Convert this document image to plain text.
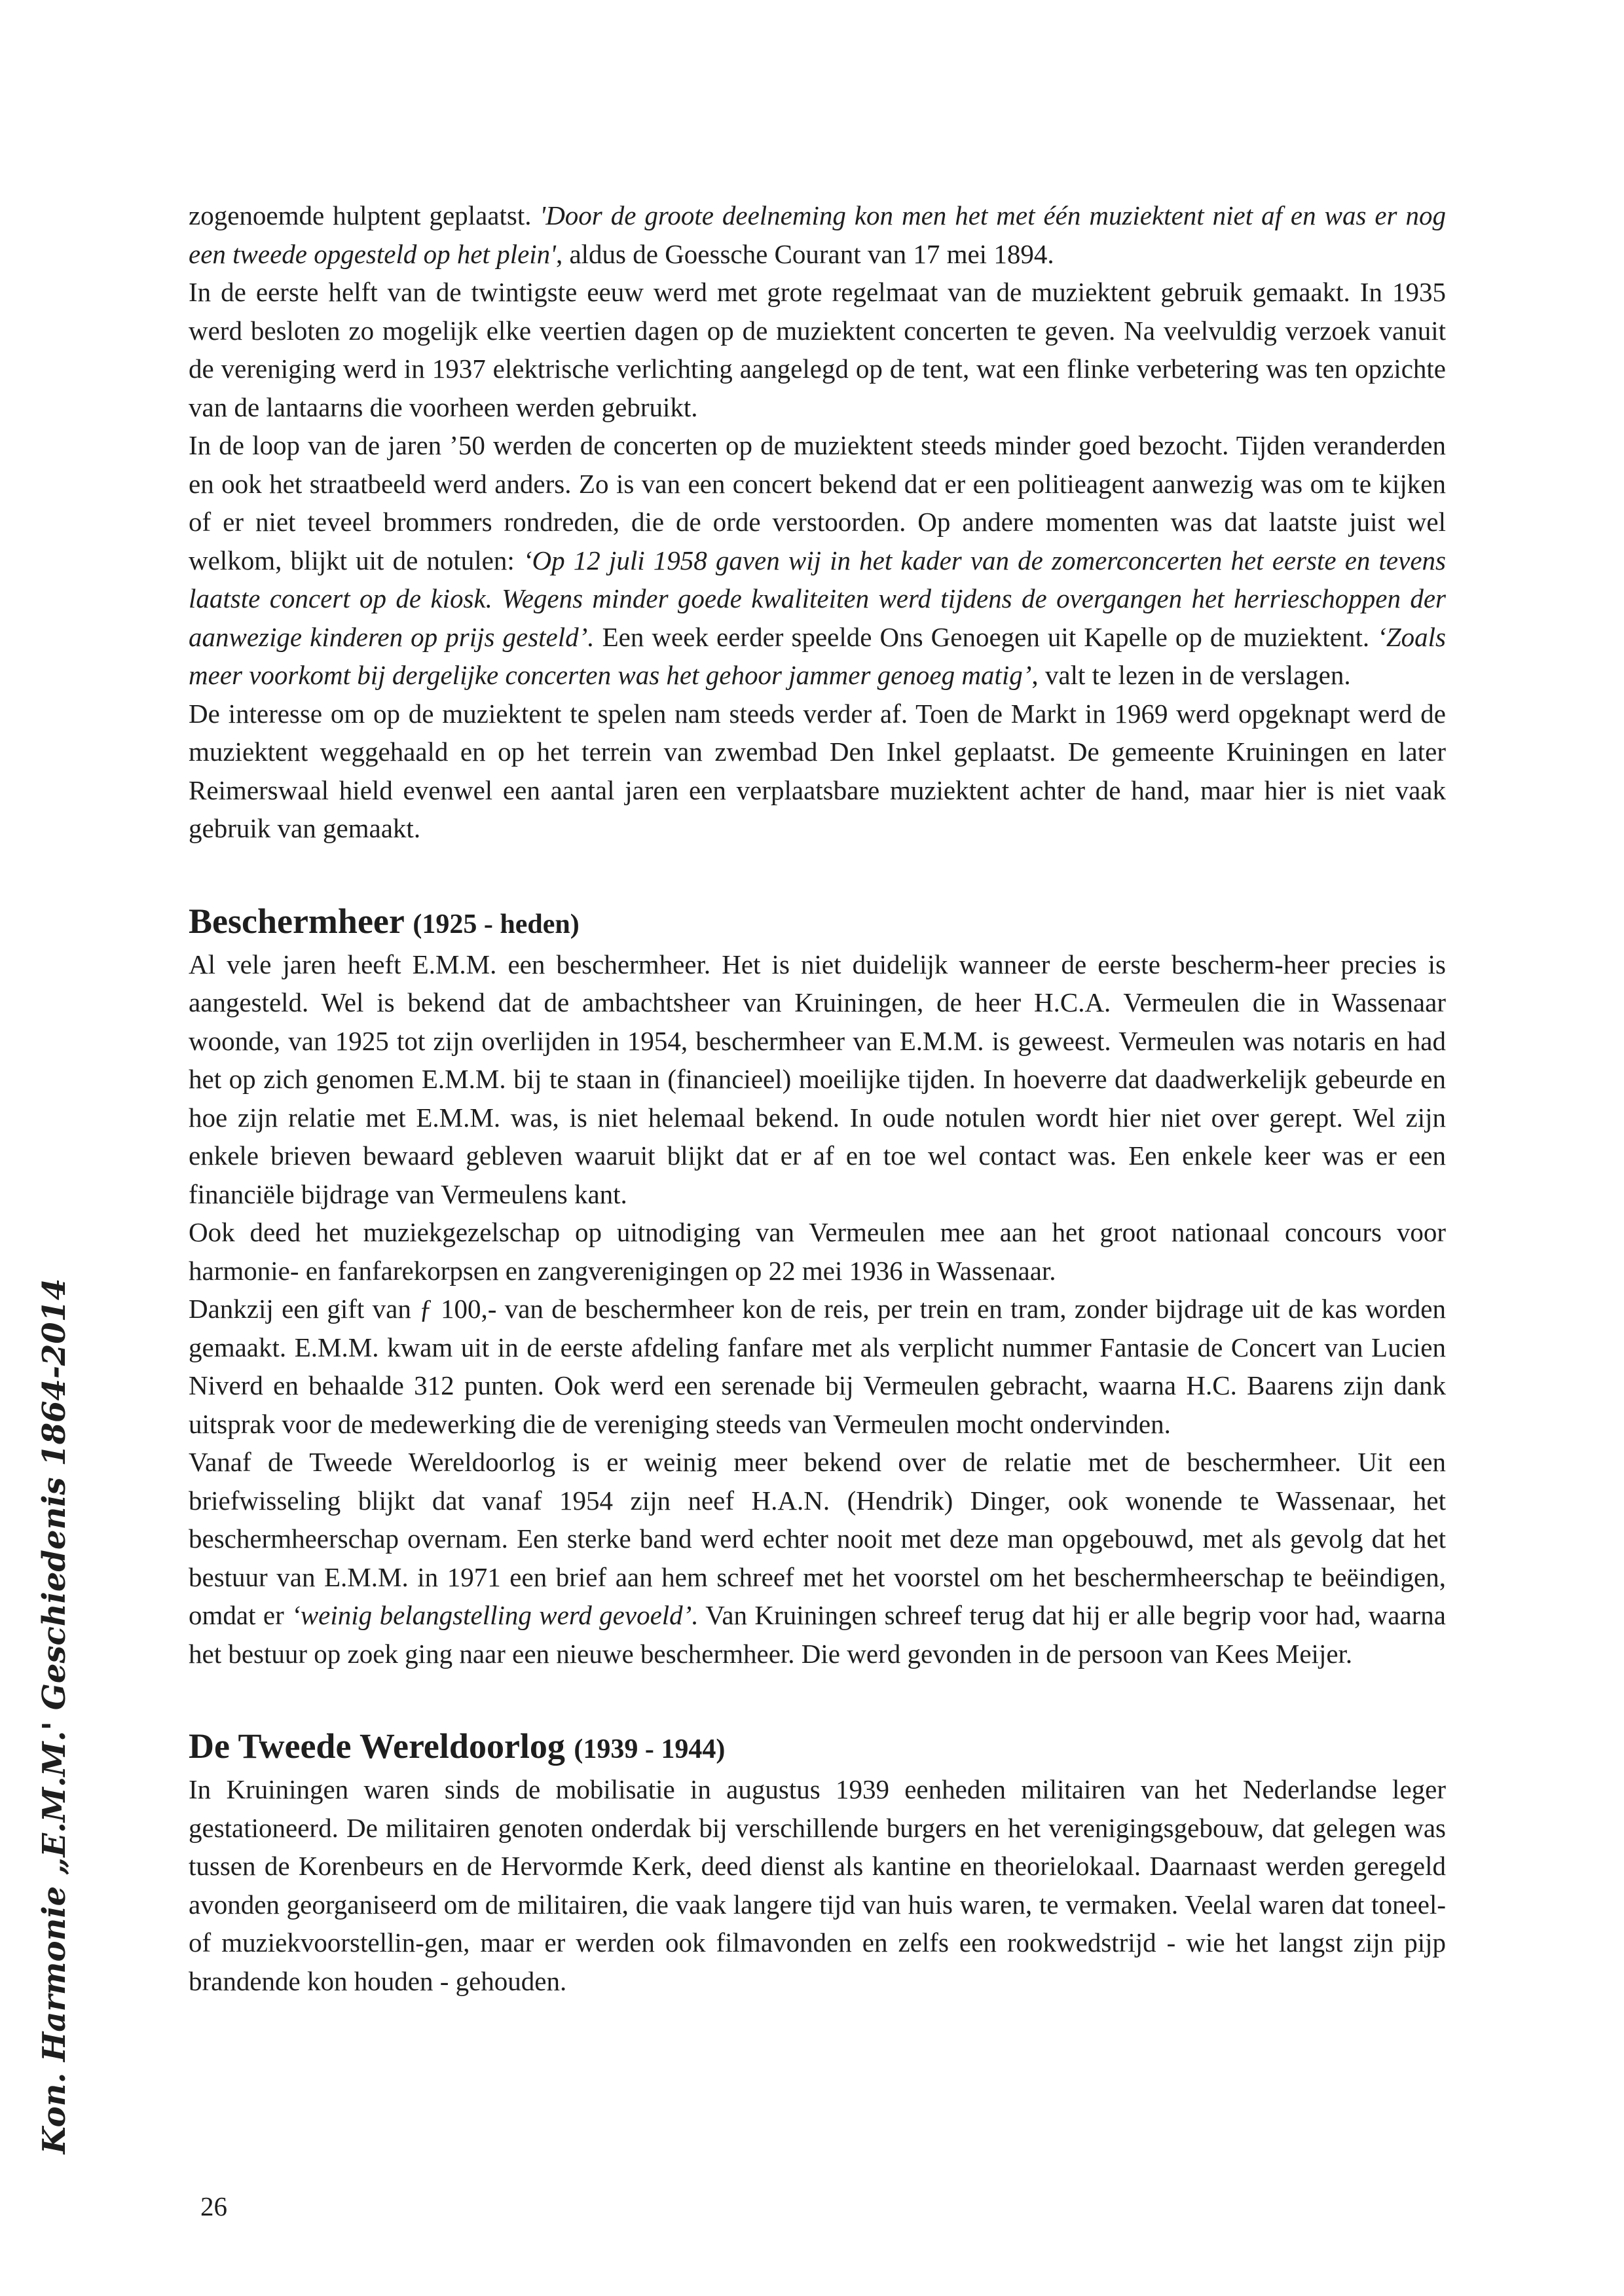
Kon. Harmonie „E.M.M.' Geschiedenis 1864-2014

zogenoemde hulptent geplaatst. 'Door de groote deelneming kon men het met één muziektent niet af en was er nog een tweede opgesteld op het plein', aldus de Goessche Courant van 17 mei 1894.

In de eerste helft van de twintigste eeuw werd met grote regelmaat van de muziektent gebruik gemaakt. In 1935 werd besloten zo mogelijk elke veertien dagen op de muziektent concerten te geven. Na veelvuldig verzoek vanuit de vereniging werd in 1937 elektrische verlichting aangelegd op de tent, wat een flinke verbetering was ten opzichte van de lantaarns die voorheen werden gebruikt.

In de loop van de jaren ’50 werden de concerten op de muziektent steeds minder goed bezocht. Tijden veranderden en ook het straatbeeld werd anders. Zo is van een concert bekend dat er een politieagent aanwezig was om te kijken of er niet teveel brommers rondreden, die de orde verstoorden. Op andere momenten was dat laatste juist wel welkom, blijkt uit de notulen: ‘Op 12 juli 1958 gaven wij in het kader van de zomerconcerten het eerste en tevens laatste concert op de kiosk. Wegens minder goede kwaliteiten werd tijdens de overgangen het herrieschoppen der aanwezige kinderen op prijs gesteld’. Een week eerder speelde Ons Genoegen uit Kapelle op de muziektent. ‘Zoals meer voorkomt bij dergelijke concerten was het gehoor jammer genoeg matig’, valt te lezen in de verslagen.

De interesse om op de muziektent te spelen nam steeds verder af. Toen de Markt in 1969 werd opgeknapt werd de muziektent weggehaald en op het terrein van zwembad Den Inkel geplaatst. De gemeente Kruiningen en later Reimerswaal hield evenwel een aantal jaren een verplaatsbare muziektent achter de hand, maar hier is niet vaak gebruik van gemaakt.

Beschermheer (1925 - heden)

Al vele jaren heeft E.M.M. een beschermheer. Het is niet duidelijk wanneer de eerste bescherm-heer precies is aangesteld. Wel is bekend dat de ambachtsheer van Kruiningen, de heer H.C.A. Vermeulen die in Wassenaar woonde, van 1925 tot zijn overlijden in 1954, beschermheer van E.M.M. is geweest. Vermeulen was notaris en had het op zich genomen E.M.M. bij te staan in (financieel) moeilijke tijden. In hoeverre dat daadwerkelijk gebeurde en hoe zijn relatie met E.M.M. was, is niet helemaal bekend. In oude notulen wordt hier niet over gerept. Wel zijn enkele brieven bewaard gebleven waaruit blijkt dat er af en toe wel contact was. Een enkele keer was er een financiële bijdrage van Vermeulens kant.

Ook deed het muziekgezelschap op uitnodiging van Vermeulen mee aan het groot nationaal concours voor harmonie- en fanfarekorpsen en zangverenigingen op 22 mei 1936 in Wassenaar.

Dankzij een gift van ƒ 100,- van de beschermheer kon de reis, per trein en tram, zonder bijdrage uit de kas worden gemaakt. E.M.M. kwam uit in de eerste afdeling fanfare met als verplicht nummer Fantasie de Concert van Lucien Niverd en behaalde 312 punten. Ook werd een serenade bij Vermeulen gebracht, waarna H.C. Baarens zijn dank uitsprak voor de medewerking die de vereniging steeds van Vermeulen mocht ondervinden.

Vanaf de Tweede Wereldoorlog is er weinig meer bekend over de relatie met de beschermheer. Uit een briefwisseling blijkt dat vanaf 1954 zijn neef H.A.N. (Hendrik) Dinger, ook wonende te Wassenaar, het beschermheerschap overnam. Een sterke band werd echter nooit met deze man opgebouwd, met als gevolg dat het bestuur van E.M.M. in 1971 een brief aan hem schreef met het voorstel om het beschermheerschap te beëindigen, omdat er ‘weinig belangstelling werd gevoeld’. Van Kruiningen schreef terug dat hij er alle begrip voor had, waarna het bestuur op zoek ging naar een nieuwe beschermheer. Die werd gevonden in de persoon van Kees Meijer.

De Tweede Wereldoorlog (1939 - 1944)

In Kruiningen waren sinds de mobilisatie in augustus 1939 eenheden militairen van het Nederlandse leger gestationeerd. De militairen genoten onderdak bij verschillende burgers en het verenigingsgebouw, dat gelegen was tussen de Korenbeurs en de Hervormde Kerk, deed dienst als kantine en theorielokaal. Daarnaast werden geregeld avonden georganiseerd om de militairen, die vaak langere tijd van huis waren, te vermaken. Veelal waren dat toneel- of muziekvoorstellin-gen, maar er werden ook filmavonden en zelfs een rookwedstrijd - wie het langst zijn pijp brandende kon houden - gehouden.

26
